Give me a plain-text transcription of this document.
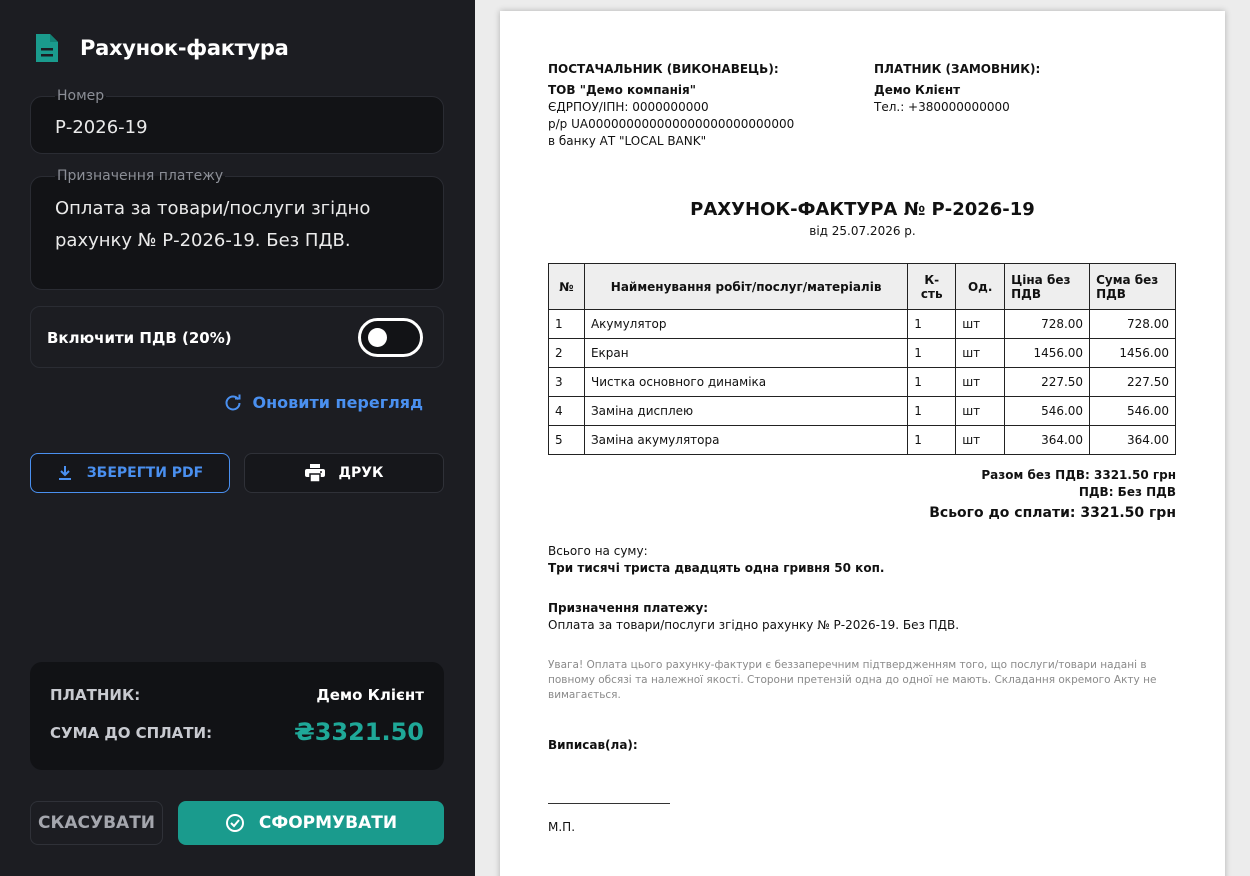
Рахунок-фактура
Номер
Р-2026-19
Призначення платежу
Оплата за товари/послуги згідно рахунку № Р-2026-19. Без ПДВ.
Включити ПДВ (20%)
Оновити перегляд
ЗБЕРЕГТИ PDF	ДРУК
ПЛАТНИК:	Демо Клієнт
СУМА ДО СПЛАТИ:	₴3321.50
СКАСУВАТИ	СФОРМУВАТИ
ПОСТАЧАЛЬНИК (ВИКОНАВЕЦЬ):
ТОВ "Демо компанія"
ЄДРПОУ/ІПН: 0000000000
р/р UA000000000000000000000000000
в банку АТ "LOCAL BANK"
ПЛАТНИК (ЗАМОВНИК):
Демо Клієнт
Тел.: +380000000000
РАХУНОК-ФАКТУРА № Р-2026-19
від 25.07.2026 р.
№	Найменування робіт/послуг/матеріалів	К-сть	Од.	Ціна без ПДВ	Сума без ПДВ
1	Акумулятор	1	шт	728.00	728.00
2	Екран	1	шт	1456.00	1456.00
3	Чистка основного динаміка	1	шт	227.50	227.50
4	Заміна дисплею	1	шт	546.00	546.00
5	Заміна акумулятора	1	шт	364.00	364.00
Разом без ПДВ: 3321.50 грн
ПДВ: Без ПДВ
Всього до сплати: 3321.50 грн
Всього на суму:
Три тисячі триста двадцять одна гривня 50 коп.
Призначення платежу:
Оплата за товари/послуги згідно рахунку № Р-2026-19. Без ПДВ.
Увага! Оплата цього рахунку-фактури є беззаперечним підтвердженням того, що послуги/товари надані в повному обсязі та належної якості. Сторони претензій одна до одної не мають. Складання окремого Акту не вимагається.
Виписав(ла):
М.П.
